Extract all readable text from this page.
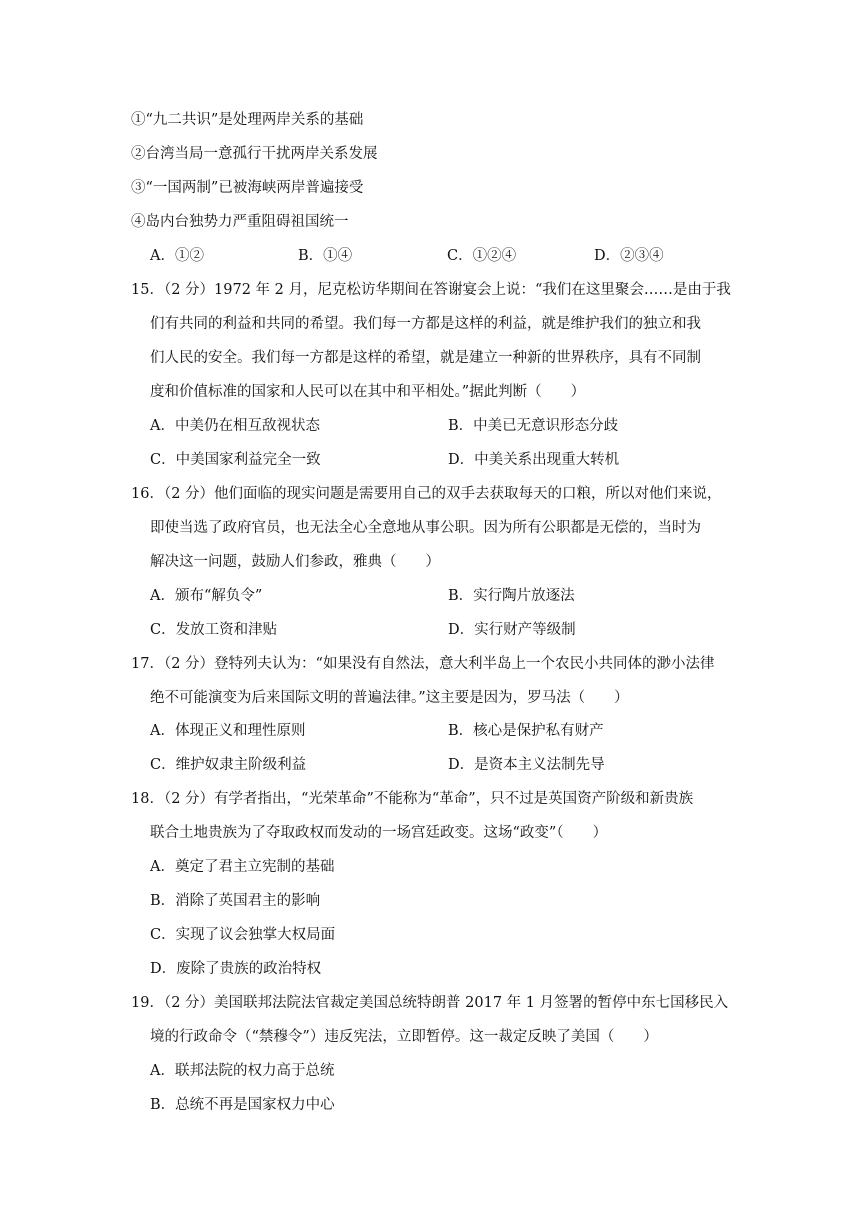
①“九二共识”是处理两岸关系的基础
②台湾当局一意孤行干扰两岸关系发展
③“一国两制”已被海峡两岸普遍接受
④岛内台独势力严重阻碍祖国统一
A．①②	B．①④	C．①②④	D．②③④
15．（2 分）1972 年 2 月，尼克松访华期间在答谢宴会上说：“我们在这里聚会……是由于我
们有共同的利益和共同的希望。我们每一方都是这样的利益，就是维护我们的独立和我
们人民的安全。我们每一方都是这样的希望，就是建立一种新的世界秩序，具有不同制
度和价值标准的国家和人民可以在其中和平相处。”据此判断（　　）
A．中美仍在相互敌视状态	B．中美已无意识形态分歧
C．中美国家利益完全一致	D．中美关系出现重大转机
16．（2 分）他们面临的现实问题是需要用自己的双手去获取每天的口粮，所以对他们来说，
即使当选了政府官员，也无法全心全意地从事公职。因为所有公职都是无偿的，当时为
解决这一问题，鼓励人们参政，雅典（　　）
A．颁布“解负令”	B．实行陶片放逐法
C．发放工资和津贴	D．实行财产等级制
17．（2 分）登特列夫认为：“如果没有自然法，意大利半岛上一个农民小共同体的渺小法律
绝不可能演变为后来国际文明的普遍法律。”这主要是因为，罗马法（　　）
A．体现正义和理性原则	B．核心是保护私有财产
C．维护奴隶主阶级利益	D．是资本主义法制先导
18．（2 分）有学者指出，“光荣革命”不能称为“革命”，只不过是英国资产阶级和新贵族
联合土地贵族为了夺取政权而发动的一场宫廷政变。这场“政变”（　　）
A．奠定了君主立宪制的基础
B．消除了英国君主的影响
C．实现了议会独掌大权局面
D．废除了贵族的政治特权
19．（2 分）美国联邦法院法官裁定美国总统特朗普 2017 年 1 月签署的暂停中东七国移民入
境的行政命令（“禁穆令”）违反宪法，立即暂停。这一裁定反映了美国（　　）
A．联邦法院的权力高于总统
B．总统不再是国家权力中心
